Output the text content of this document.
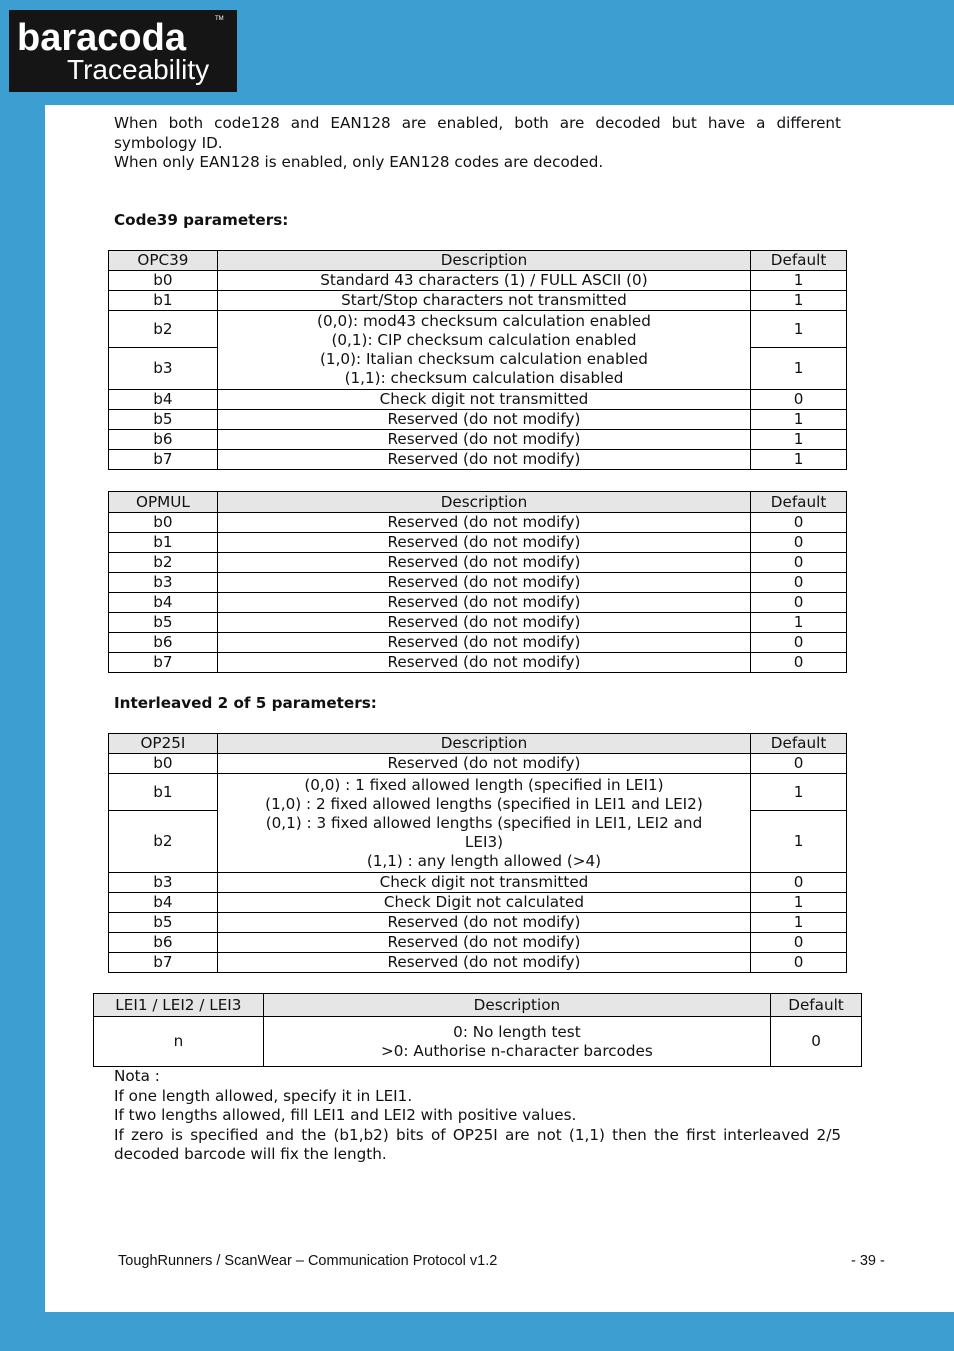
baracoda	TM
Traceability

When both code128 and EAN128 are enabled, both are decoded but have a different symbology ID.

When only EAN128 is enabled, only EAN128 codes are decoded.

Code39 parameters:
OPC39	Description	Default
b0	Standard 43 characters (1) / FULL ASCII (0)	1
b1	Start/Stop characters not transmitted	1
b2	(0,0): mod43 checksum calculation enabled
(0,1): CIP checksum calculation enabled
(1,0): Italian checksum calculation enabled
(1,1): checksum calculation disabled	1
b3		1
b4	Check digit not transmitted	0
b5	Reserved (do not modify)	1
b6	Reserved (do not modify)	1
b7	Reserved (do not modify)	1
OPMUL	Description	Default
b0	Reserved (do not modify)	0
b1	Reserved (do not modify)	0
b2	Reserved (do not modify)	0
b3	Reserved (do not modify)	0
b4	Reserved (do not modify)	0
b5	Reserved (do not modify)	1
b6	Reserved (do not modify)	0
b7	Reserved (do not modify)	0
Interleaved 2 of 5 parameters:
OP25I	Description	Default
b0	Reserved (do not modify)	0
b1	(0,0) : 1 fixed allowed length (specified in LEI1)
(1,0) : 2 fixed allowed lengths (specified in LEI1 and LEI2)
(0,1) : 3 fixed allowed lengths (specified in LEI1, LEI2 and LEI3)
(1,1) : any length allowed (>4)	1
b2		1
b3	Check digit not transmitted	0
b4	Check Digit not calculated	1
b5	Reserved (do not modify)	1
b6	Reserved (do not modify)	0
b7	Reserved (do not modify)	0
LEI1 / LEI2 / LEI3	Description	Default
n	0: No length test
>0: Authorise n-character barcodes	0

Nota :

If one length allowed, specify it in LEI1.

If two lengths allowed, fill LEI1 and LEI2 with positive values.

If zero is specified and the (b1,b2) bits of OP25I are not (1,1) then the first interleaved 2/5 decoded barcode will fix the length.

ToughRunners / ScanWear – Communication Protocol v1.2	- 39 -
